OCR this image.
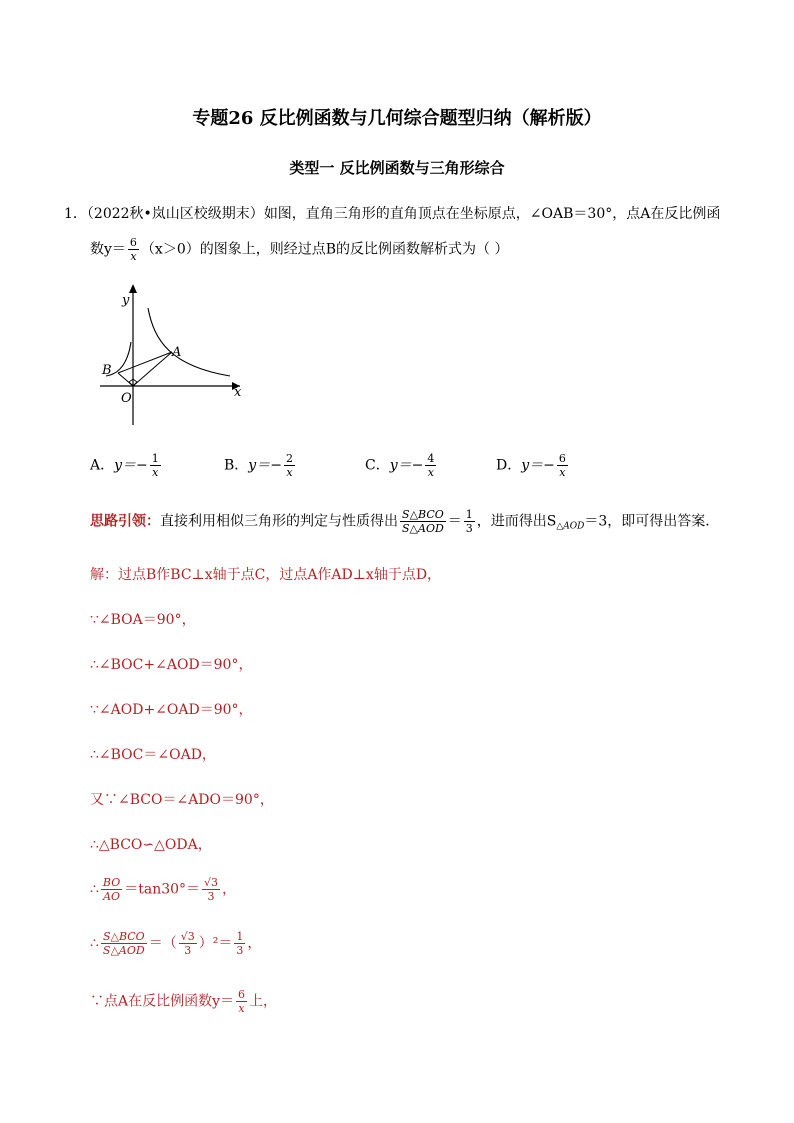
专题26 反比例函数与几何综合题型归纳（解析版）
类型一 反比例函数与三角形综合
1．（2022秋•岚山区校级期末）如图，直角三角形的直角顶点在坐标原点，∠OAB＝30°，点A在反比例函
数$y= \frac{6}{x} (x>0)$的图象上，则经过点B的反比例函数解析式为（ ）
y
x
A
B
O
A．$y=- \frac{1}{x}$	B．$y=- \frac{2}{x}$	C．$y=- \frac{4}{x}$	D．$y=- \frac{6}{x}$
思路引领：直接利用相似三角形的判定与性质得出 $\frac{\text{S△BCO}}{\text{S△AOD}} = \frac{1}{3}$ ，进而得出$S_{\triangle AOD}=3$，即可得出答案．
解：过点B作BC⊥x轴于点C，过点A作AD⊥x轴于点D，
∵∠BOA＝90°，
∴∠BOC+∠AOD＝90°，
∵∠AOD+∠OAD＝90°，
∴∠BOC＝∠OAD，
又∵∠BCO＝∠ADO＝90°，
∴△BCO∽△ODA，
∴ $\frac{BO}{AO} =\tan 30^\circ= \frac{√3}{3}$ ，
∴ $\frac{\text{S△BCO}}{\text{S△AOD}}$ ＝（ $\frac{√3}{3} )^2= \frac{1}{3}$ ，
∵点A在反比例函数$y= \frac{6}{x}$ 上，
